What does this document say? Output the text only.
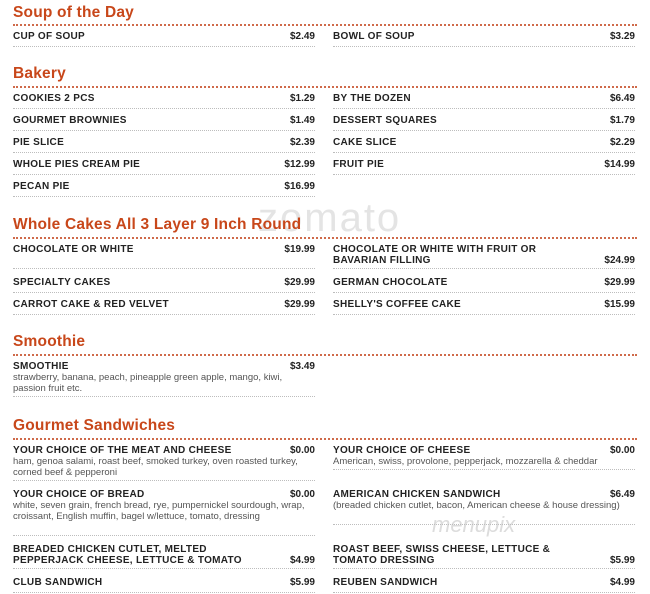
zomato
menupix
Soup of the Day
CUP OF SOUP	$2.49 BOWL OF SOUP	$3.29
Bakery
COOKIES 2 PCS	$1.29
GOURMET BROWNIES	$1.49
PIE SLICE	$2.39
WHOLE PIES CREAM PIE	$12.99
PECAN PIE	$16.99
BY THE DOZEN	$6.49
DESSERT SQUARES	$1.79
CAKE SLICE	$2.29
FRUIT PIE	$14.99
Whole Cakes All 3 Layer 9 Inch Round
CHOCOLATE OR WHITE	$19.99
SPECIALTY CAKES	$29.99
CARROT CAKE & RED VELVET	$29.99
CHOCOLATE OR WHITE WITH FRUIT OR BAVARIAN FILLING	$24.99
GERMAN CHOCOLATE	$29.99
SHELLY'S COFFEE CAKE	$15.99
Smoothie
SMOOTHIE	$3.49
strawberry, banana, peach, pineapple green apple, mango, kiwi, passion fruit etc.
Gourmet Sandwiches
YOUR CHOICE OF THE MEAT AND CHEESE	$0.00
ham, genoa salami, roast beef, smoked turkey, oven roasted turkey, corned beef & pepperoni
YOUR CHOICE OF BREAD	$0.00
white, seven grain, french bread, rye, pumpernickel sourdough, wrap, croissant, English muffin, bagel w/lettuce, tomato, dressing
BREADED CHICKEN CUTLET, MELTED PEPPERJACK CHEESE, LETTUCE & TOMATO	$4.99
CLUB SANDWICH	$5.99
YOUR CHOICE OF CHEESE	$0.00
American, swiss, provolone, pepperjack, mozzarella & cheddar
AMERICAN CHICKEN SANDWICH	$6.49
(breaded chicken cutlet, bacon, American cheese & house dressing)
ROAST BEEF, SWISS CHEESE, LETTUCE & TOMATO DRESSING	$5.99
REUBEN SANDWICH	$4.99
